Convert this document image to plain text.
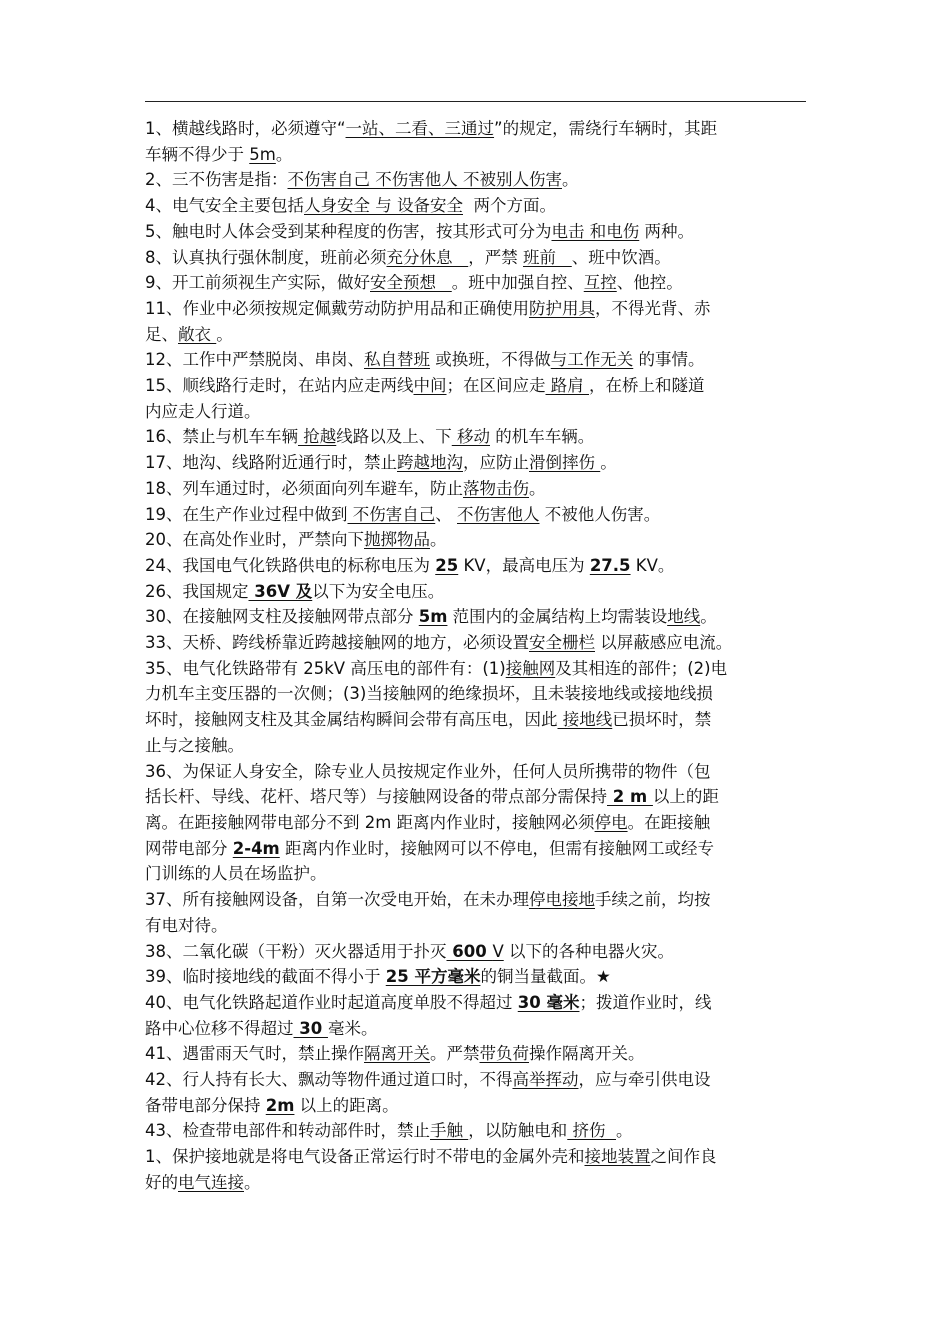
1、横越线路时，必须遵守“一站、二看、三通过”的规定，需绕行车辆时，其距

车辆不得少于 5m。

2、三不伤害是指：不伤害自己 不伤害他人 不被别人伤害。

4、电气安全主要包括人身安全 与 设备安全  两个方面。

5、触电时人体会受到某种程度的伤害，按其形式可分为电击 和电伤 两种。

8、认真执行强休制度，班前必须充分休息   ，严禁 班前   、班中饮酒。

9、开工前须视生产实际，做好安全预想   。班中加强自控、互控、他控。

11、作业中必须按规定佩戴劳动防护用品和正确使用防护用具，不得光背、赤

足、敞衣 。

12、工作中严禁脱岗、串岗、私自替班 或换班，不得做与工作无关 的事情。

15、顺线路行走时，在站内应走两线中间；在区间应走 路肩 ，在桥上和隧道

内应走人行道。

16、禁止与机车车辆 抢越线路以及上、下 移动 的机车车辆。

17、地沟、线路附近通行时，禁止跨越地沟，应防止滑倒摔伤 。

18、列车通过时，必须面向列车避车，防止落物击伤。

19、在生产作业过程中做到 不伤害自己、 不伤害他人 不被他人伤害。

20、在高处作业时，严禁向下抛掷物品。

24、我国电气化铁路供电的标称电压为 25 KV，最高电压为 27.5 KV。

26、我国规定 36V 及以下为安全电压。

30、在接触网支柱及接触网带点部分 5m 范围内的金属结构上均需装设地线。

33、天桥、跨线桥靠近跨越接触网的地方，必须设置安全栅栏 以屏蔽感应电流。

35、电气化铁路带有 25kV 高压电的部件有：(1)接触网及其相连的部件；(2)电

力机车主变压器的一次侧；(3)当接触网的绝缘损坏，且未装接地线或接地线损

坏时，接触网支柱及其金属结构瞬间会带有高压电，因此 接地线已损坏时，禁

止与之接触。

36、为保证人身安全，除专业人员按规定作业外，任何人员所携带的物件（包

括长杆、导线、花杆、塔尺等）与接触网设备的带点部分需保持 2 m 以上的距

离。在距接触网带电部分不到 2m 距离内作业时，接触网必须停电。在距接触

网带电部分 2-4m 距离内作业时，接触网可以不停电，但需有接触网工或经专

门训练的人员在场监护。

37、所有接触网设备，自第一次受电开始，在未办理停电接地手续之前，均按

有电对待。

38、二氧化碳（干粉）灭火器适用于扑灭 600 V 以下的各种电器火灾。

39、临时接地线的截面不得小于 25 平方毫米的铜当量截面。★

40、电气化铁路起道作业时起道高度单股不得超过 30 毫米；拨道作业时，线

路中心位移不得超过 30 毫米。

41、遇雷雨天气时，禁止操作隔离开关。严禁带负荷操作隔离开关。

42、行人持有长大、飘动等物件通过道口时，不得高举挥动，应与牵引供电设

备带电部分保持 2m 以上的距离。

43、检查带电部件和转动部件时，禁止手触 ，以防触电和 挤伤  。

1、保护接地就是将电气设备正常运行时不带电的金属外壳和接地装置之间作良

好的电气连接。
